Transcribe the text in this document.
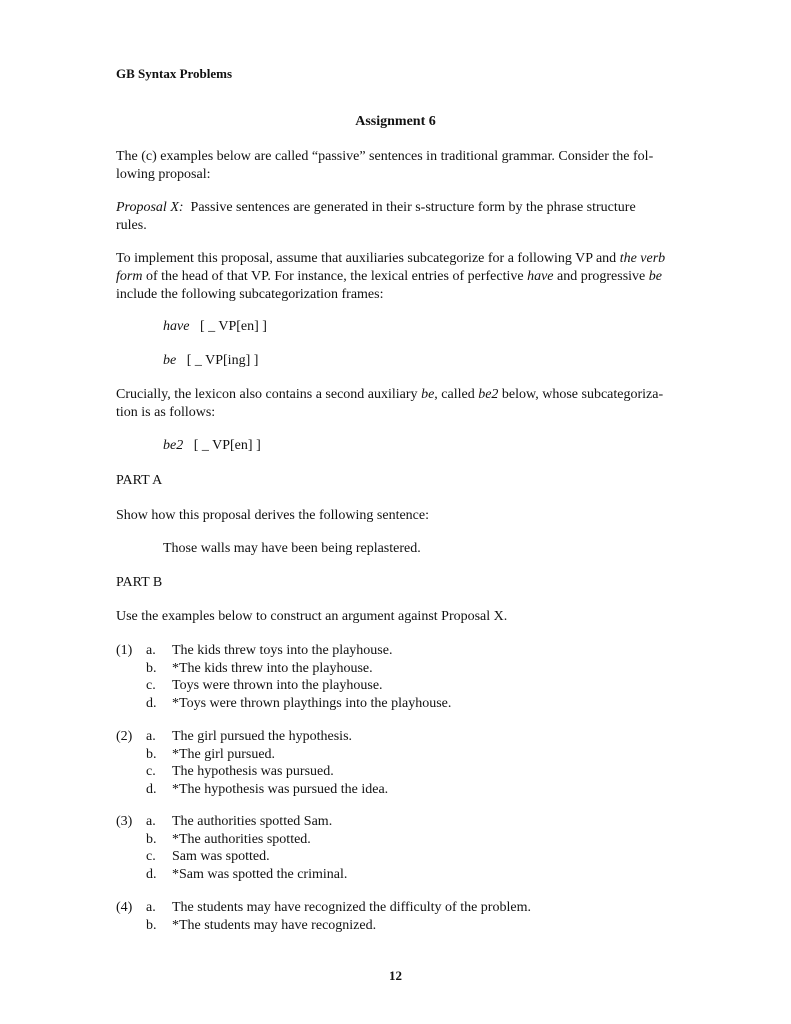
GB Syntax Problems
Assignment 6
The (c) examples below are called “passive” sentences in traditional grammar. Consider the fol-
lowing proposal:
Proposal X: Passive sentences are generated in their s-structure form by the phrase structure
rules.
To implement this proposal, assume that auxiliaries subcategorize for a following VP and the verb
form of the head of that VP. For instance, the lexical entries of perfective have and progressive be
include the following subcategorization frames:
have [ _ VP[en] ]
be [ _ VP[ing] ]
Crucially, the lexicon also contains a second auxiliary be, called be2 below, whose subcategoriza-
tion is as follows:
be2 [ _ VP[en] ]
PART A
Show how this proposal derives the following sentence:
Those walls may have been being replastered.
PART B
Use the examples below to construct an argument against Proposal X.
(1) a.	The kids threw toys into the playhouse.
b.	*The kids threw into the playhouse.
c.	Toys were thrown into the playhouse.
d.	*Toys were thrown playthings into the playhouse.
(2) a.	The girl pursued the hypothesis.
b.	*The girl pursued.
c.	The hypothesis was pursued.
d.	*The hypothesis was pursued the idea.
(3) a.	The authorities spotted Sam.
b.	*The authorities spotted.
c.	Sam was spotted.
d.	*Sam was spotted the criminal.
(4) a.	The students may have recognized the difficulty of the problem.
b.	*The students may have recognized.
12
